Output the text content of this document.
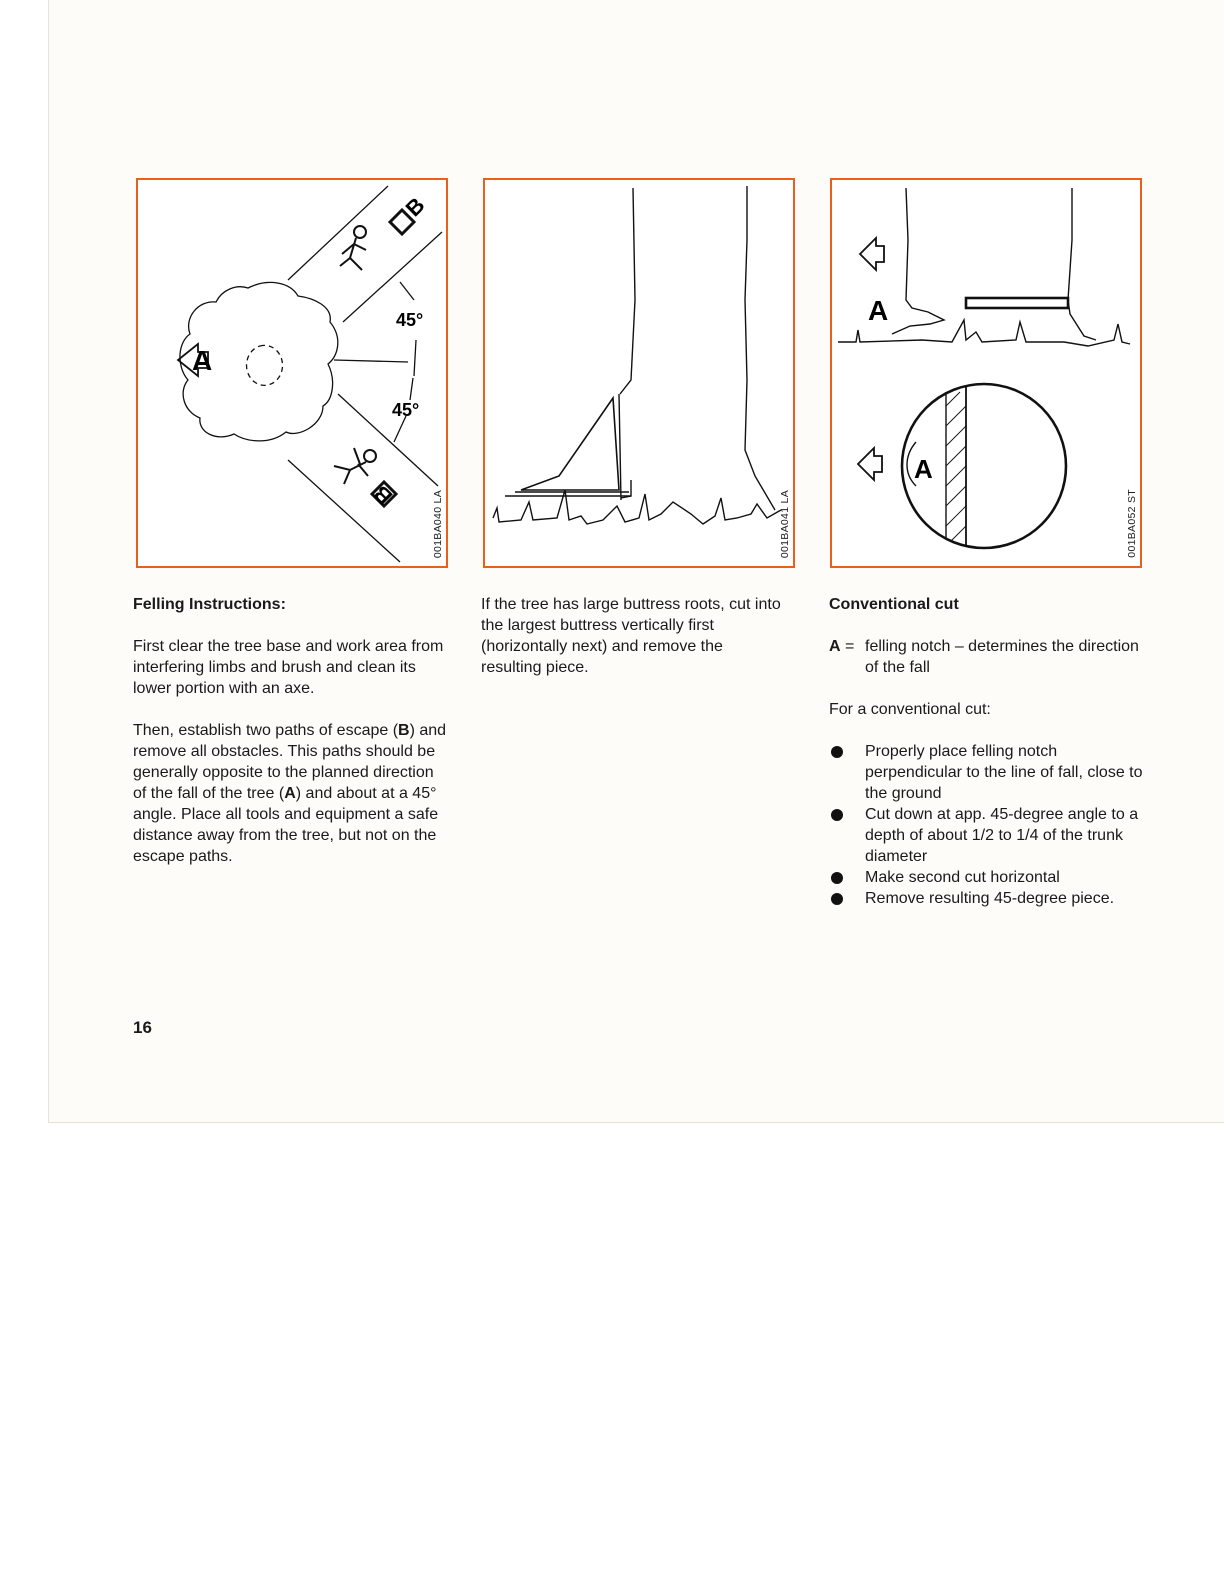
B
B
A
45°
45°
001BA040 LA	001BA041 LA
A
A
001BA052 ST
Felling Instructions:

First clear the tree base and work area from interfering limbs and brush and clean its lower portion with an axe.

Then, establish two paths of escape (B) and remove all obstacles. This paths should be generally opposite to the planned direction of the fall of the tree (A) and about at a 45° angle. Place all tools and equipment a safe distance away from the tree, but not on the escape paths.

If the tree has large buttress roots, cut into the largest buttress vertically first (horizontally next) and remove the resulting piece.

Conventional cut

A = felling notch – determines the direction of the fall

For a conventional cut:

Properly place felling notch perpendicular to the line of fall, close to the ground
Cut down at app. 45-degree angle to a depth of about 1/2 to 1/4 of the trunk diameter
Make second cut horizontal
Remove resulting 45-degree piece.
16
